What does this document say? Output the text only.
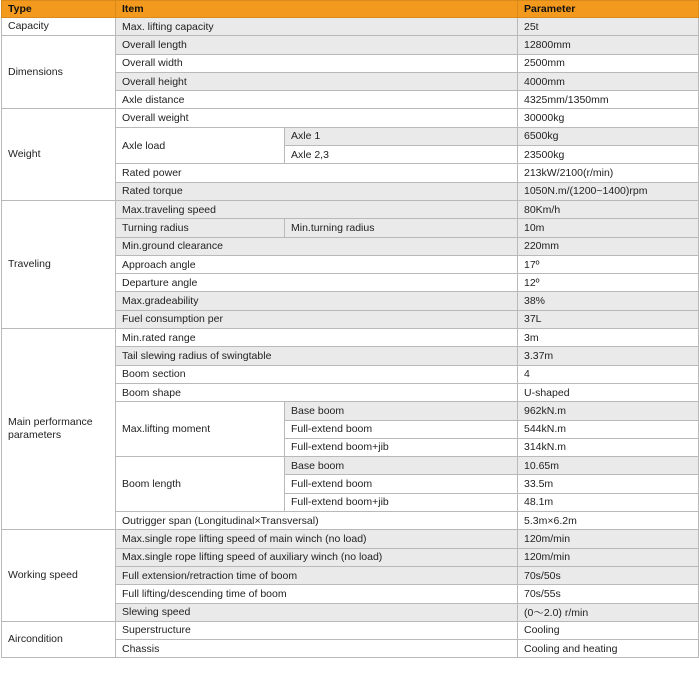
Type	Item		Parameter
Capacity	Max. lifting capacity		25t
Dimensions	Overall length		12800mm
	Overall width		2500mm
	Overall height		4000mm
	Axle distance		4325mm/1350mm
Weight	Overall weight		30000kg
	Axle load	Axle 1	6500kg
		Axle 2,3	23500kg
	Rated power		213kW/2100(r/min)
	Rated torque		1050N.m/(1200~1400)rpm
Traveling	Max.traveling speed		80Km/h
	Turning radius	Min.turning radius	10m
	Min.ground clearance		220mm
	Approach angle		17º
	Departure angle		12º
	Max.gradeability		38%
	Fuel consumption per		37L
Main performance parameters	Min.rated range		3m
	Tail slewing radius of swingtable		3.37m
	Boom section		4
	Boom shape		U-shaped
	Max.lifting moment	Base boom	962kN.m
		Full-extend boom	544kN.m
		Full-extend boom+jib	314kN.m
	Boom length	Base boom	10.65m
		Full-extend boom	33.5m
		Full-extend boom+jib	48.1m
	Outrigger span (Longitudinal×Transversal)		5.3m×6.2m
Working speed	Max.single rope lifting speed of main winch (no load)		120m/min
	Max.single rope lifting speed of auxiliary winch (no load)		120m/min
	Full extension/retraction time of boom		70s/50s
	Full lifting/descending time of boom		70s/55s
	Slewing speed		(0～2.0) r/min
Aircondition	Superstructure		Cooling
	Chassis		Cooling and heating
